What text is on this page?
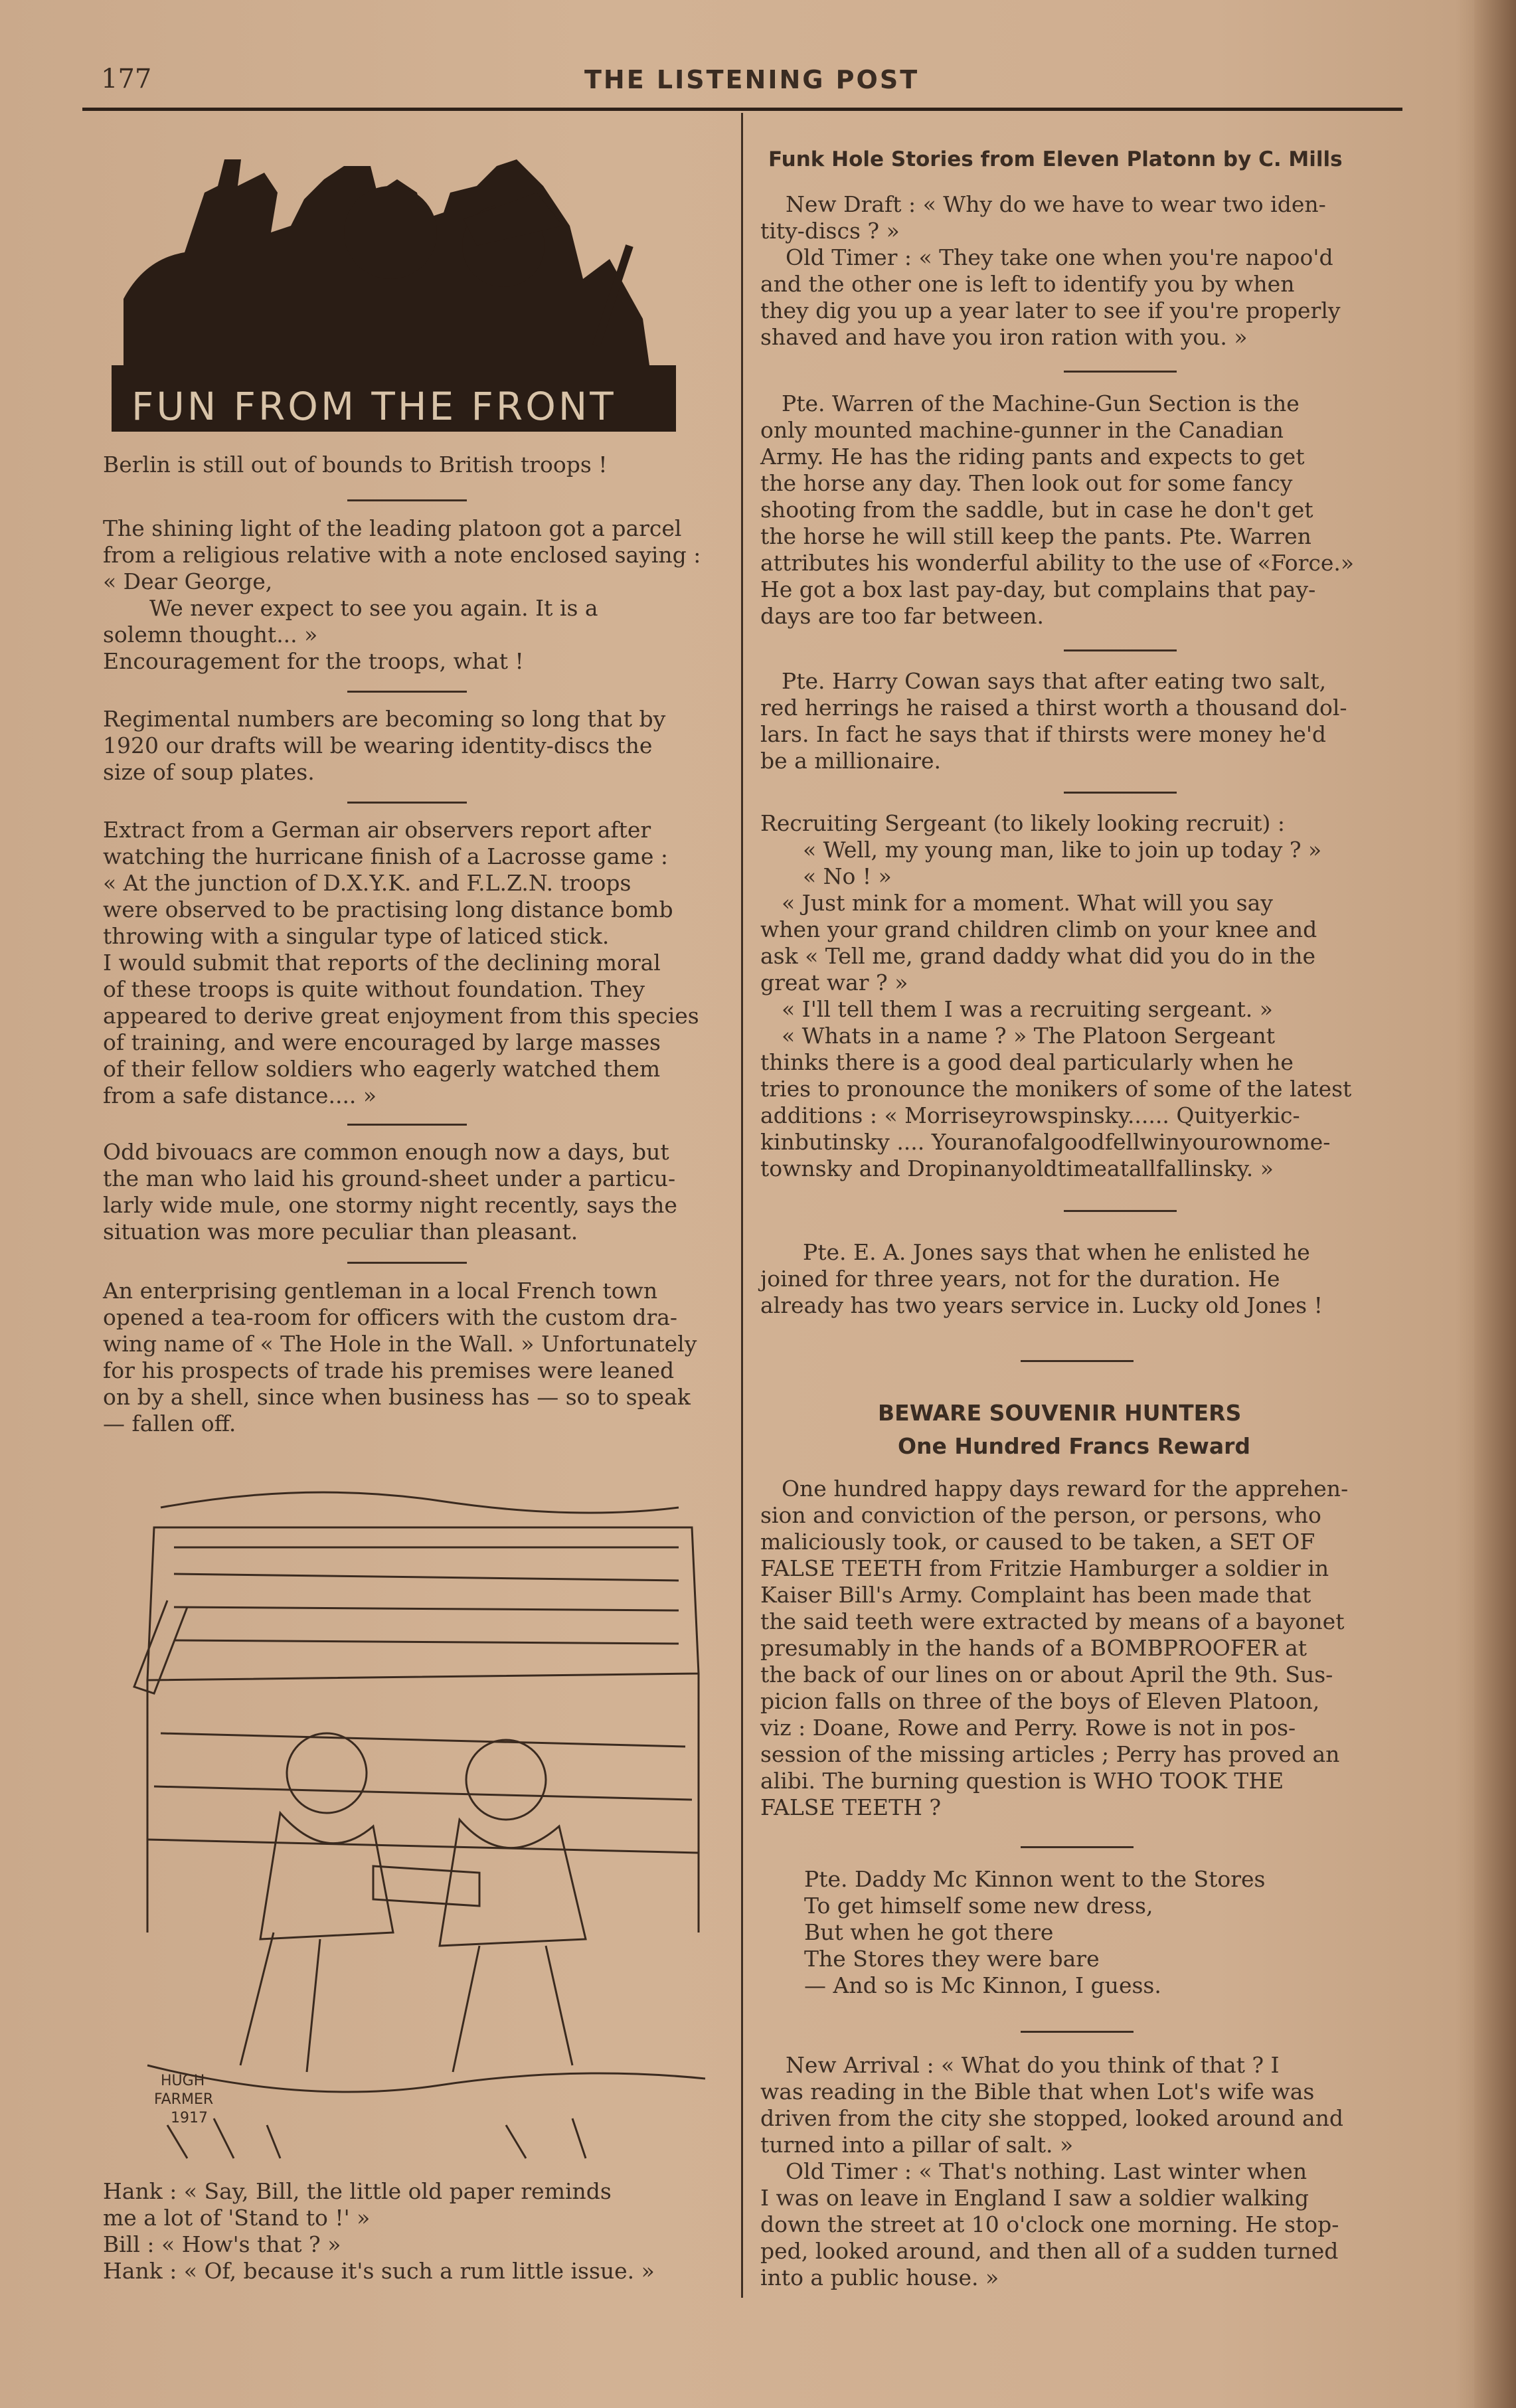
177	THE LISTENING POST
FUN FROM THE FRONT
HUGH
FARMER
1917
Berlin is still out of bounds to British troops !
The shining light of the leading platoon got a parcel
from a religious relative with a note enclosed saying :
« Dear George,
We never expect to see you again. It is a
solemn thought... »
Encouragement for the troops, what !
Regimental numbers are becoming so long that by
1920 our drafts will be wearing identity-discs the
size of soup plates.
Extract from a German air observers report after
watching the hurricane finish of a Lacrosse game :
« At the junction of D.X.Y.K. and F.L.Z.N. troops
were observed to be practising long distance bomb
throwing with a singular type of laticed stick.
I would submit that reports of the declining moral
of these troops is quite without foundation. They
appeared to derive great enjoyment from this species
of training, and were encouraged by large masses
of their fellow soldiers who eagerly watched them
from a safe distance.... »
Odd bivouacs are common enough now a days, but
the man who laid his ground-sheet under a particu-
larly wide mule, one stormy night recently, says the
situation was more peculiar than pleasant.
An enterprising gentleman in a local French town
opened a tea-room for officers with the custom dra-
wing name of « The Hole in the Wall. » Unfortunately
for his prospects of trade his premises were leaned
on by a shell, since when business has — so to speak
— fallen off.
Hank : « Say, Bill, the little old paper reminds
me a lot of 'Stand to !' »
Bill : « How's that ? »
Hank : « Of, because it's such a rum little issue. »
Funk Hole Stories from Eleven Platonn by C. Mills
New Draft : « Why do we have to wear two iden-
tity-discs ? »
Old Timer : « They take one when you're napoo'd
and the other one is left to identify you by when
they dig you up a year later to see if you're properly
shaved and have you iron ration with you. »
Pte. Warren of the Machine-Gun Section is the
only mounted machine-gunner in the Canadian
Army. He has the riding pants and expects to get
the horse any day. Then look out for some fancy
shooting from the saddle, but in case he don't get
the horse he will still keep the pants. Pte. Warren
attributes his wonderful ability to the use of «Force.»
He got a box last pay-day, but complains that pay-
days are too far between.
Pte. Harry Cowan says that after eating two salt,
red herrings he raised a thirst worth a thousand dol-
lars. In fact he says that if thirsts were money he'd
be a millionaire.
Recruiting Sergeant (to likely looking recruit) :
« Well, my young man, like to join up today ? »
« No ! »
« Just mink for a moment. What will you say
when your grand children climb on your knee and
ask « Tell me, grand daddy what did you do in the
great war ? »
« I'll tell them I was a recruiting sergeant. »
« Whats in a name ? » The Platoon Sergeant
thinks there is a good deal particularly when he
tries to pronounce the monikers of some of the latest
additions : « Morriseyrowspinsky...... Quityerkic-
kinbutinsky .... Youranofalgoodfellwinyourownome-
townsky and Dropinanyoldtimeatallfallinsky. »
Pte. E. A. Jones says that when he enlisted he
joined for three years, not for the duration. He
already has two years service in. Lucky old Jones !
BEWARE SOUVENIR HUNTERS
One Hundred Francs Reward
One hundred happy days reward for the apprehen-
sion and conviction of the person, or persons, who
maliciously took, or caused to be taken, a SET OF
FALSE TEETH from Fritzie Hamburger a soldier in
Kaiser Bill's Army. Complaint has been made that
the said teeth were extracted by means of a bayonet
presumably in the hands of a BOMBPROOFER at
the back of our lines on or about April the 9th. Sus-
picion falls on three of the boys of Eleven Platoon,
viz : Doane, Rowe and Perry. Rowe is not in pos-
session of the missing articles ; Perry has proved an
alibi. The burning question is WHO TOOK THE
FALSE TEETH ?
Pte. Daddy Mc Kinnon went to the Stores
To get himself some new dress,
But when he got there
The Stores they were bare
— And so is Mc Kinnon, I guess.
New Arrival : « What do you think of that ? I
was reading in the Bible that when Lot's wife was
driven from the city she stopped, looked around and
turned into a pillar of salt. »
Old Timer : « That's nothing. Last winter when
I was on leave in England I saw a soldier walking
down the street at 10 o'clock one morning. He stop-
ped, looked around, and then all of a sudden turned
into a public house. »
